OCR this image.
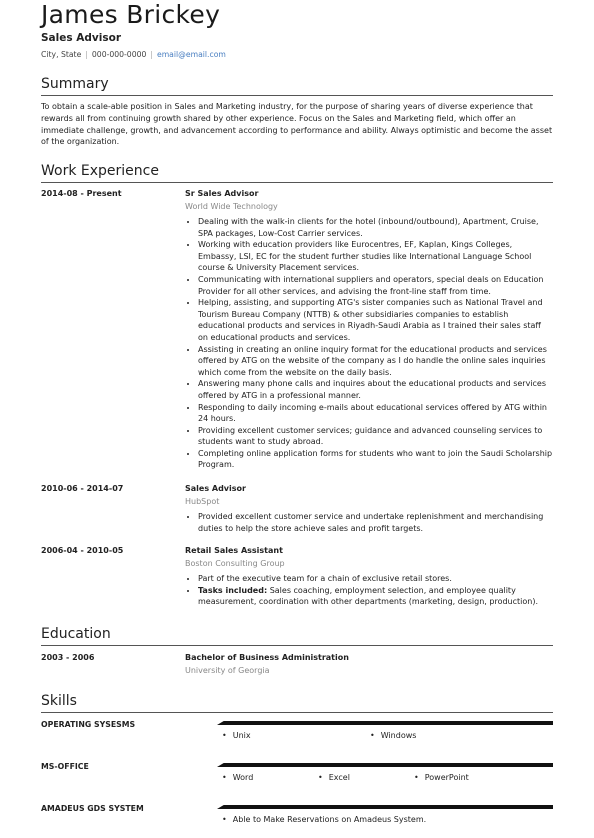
James Brickey
Sales Advisor
City, State | 000-000-0000 | email@email.com
Summary
To obtain a scale-able position in Sales and Marketing industry, for the purpose of sharing years of diverse experience that rewards all from continuing growth shared by other experience. Focus on the Sales and Marketing field, which offer an immediate challenge, growth, and advancement according to performance and ability. Always optimistic and become the asset of the organization.
Work Experience
2014-08 - Present	Sr Sales Advisor
World Wide Technology
• Dealing with the walk-in clients for the hotel (inbound/outbound), Apartment, Cruise, SPA packages, Low-Cost Carrier services.
• Working with education providers like Eurocentres, EF, Kaplan, Kings Colleges, Embassy, LSI, EC for the student further studies like International Language School course & University Placement services.
• Communicating with international suppliers and operators, special deals on Education Provider for all other services, and advising the front-line staff from time.
• Helping, assisting, and supporting ATG's sister companies such as National Travel and Tourism Bureau Company (NTTB) & other subsidiaries companies to establish educational products and services in Riyadh-Saudi Arabia as I trained their sales staff on educational products and services.
• Assisting in creating an online inquiry format for the educational products and services offered by ATG on the website of the company as I do handle the online sales inquiries which come from the website on the daily basis.
• Answering many phone calls and inquires about the educational products and services offered by ATG in a professional manner.
• Responding to daily incoming e-mails about educational services offered by ATG within 24 hours.
• Providing excellent customer services; guidance and advanced counseling services to students want to study abroad.
• Completing online application forms for students who want to join the Saudi Scholarship Program.
2010-06 - 2014-07	Sales Advisor
HubSpot
• Provided excellent customer service and undertake replenishment and merchandising duties to help the store achieve sales and profit targets.
2006-04 - 2010-05	Retail Sales Assistant
Boston Consulting Group
• Part of the executive team for a chain of exclusive retail stores.
• Tasks included: Sales coaching, employment selection, and employee quality measurement, coordination with other departments (marketing, design, production).
Education
2003 - 2006	Bachelor of Business Administration
University of Georgia
Skills
OPERATING SYSESMS
• Unix	• Windows
MS-OFFICE
• Word	• Excel	• PowerPoint
AMADEUS GDS SYSTEM
• Able to Make Reservations on Amadeus System.
